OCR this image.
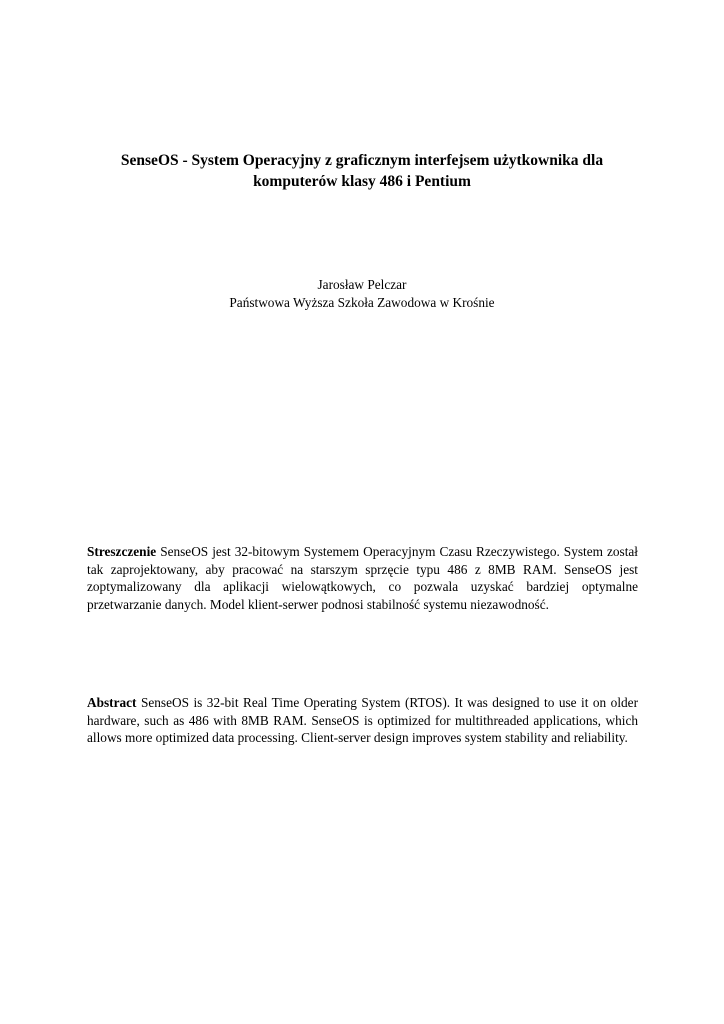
SenseOS - System Operacyjny z graficznym interfejsem użytkownika dla
komputerów klasy 486 i Pentium
Jarosław Pelczar
Państwowa Wyższa Szkoła Zawodowa w Krośnie

Streszczenie SenseOS jest 32-bitowym Systemem Operacyjnym Czasu Rzeczywistego. System został tak zaprojektowany, aby pracować na starszym sprzęcie typu 486 z 8MB RAM. SenseOS jest zoptymalizowany dla aplikacji wielowątkowych, co pozwala uzyskać bardziej optymalne przetwarzanie danych. Model klient-serwer podnosi stabilność systemu niezawodność.

Abstract SenseOS is 32-bit Real Time Operating System (RTOS). It was designed to use it on older hardware, such as 486 with 8MB RAM. SenseOS is optimized for multithreaded applications, which allows more optimized data processing. Client-server design improves system stability and reliability.
